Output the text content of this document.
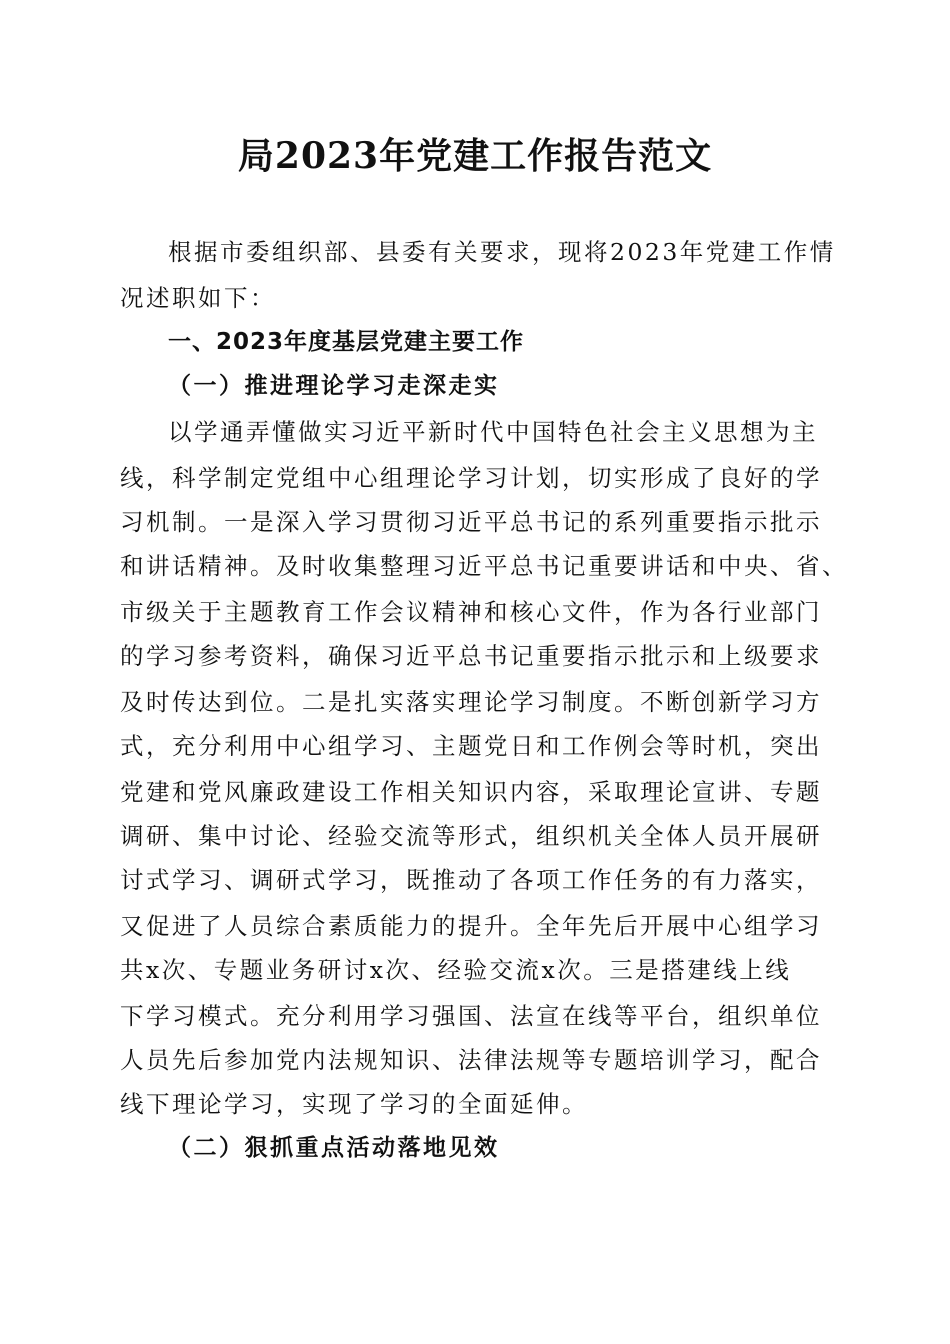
局2023年党建工作报告范文

根据市委组织部、县委有关要求，现将2023年党建工作情

况述职如下：

一、2023年度基层党建主要工作

（一）推进理论学习走深走实

以学通弄懂做实习近平新时代中国特色社会主义思想为主

线，科学制定党组中心组理论学习计划，切实形成了良好的学

习机制。一是深入学习贯彻习近平总书记的系列重要指示批示

和讲话精神。及时收集整理习近平总书记重要讲话和中央、省、

市级关于主题教育工作会议精神和核心文件，作为各行业部门

的学习参考资料，确保习近平总书记重要指示批示和上级要求

及时传达到位。二是扎实落实理论学习制度。不断创新学习方

式，充分利用中心组学习、主题党日和工作例会等时机，突出

党建和党风廉政建设工作相关知识内容，采取理论宣讲、专题

调研、集中讨论、经验交流等形式，组织机关全体人员开展研

讨式学习、调研式学习，既推动了各项工作任务的有力落实，

又促进了人员综合素质能力的提升。全年先后开展中心组学习

共x次、专题业务研讨x次、经验交流x次。三是搭建线上线

下学习模式。充分利用学习强国、法宣在线等平台，组织单位

人员先后参加党内法规知识、法律法规等专题培训学习，配合

线下理论学习，实现了学习的全面延伸。

（二）狠抓重点活动落地见效
